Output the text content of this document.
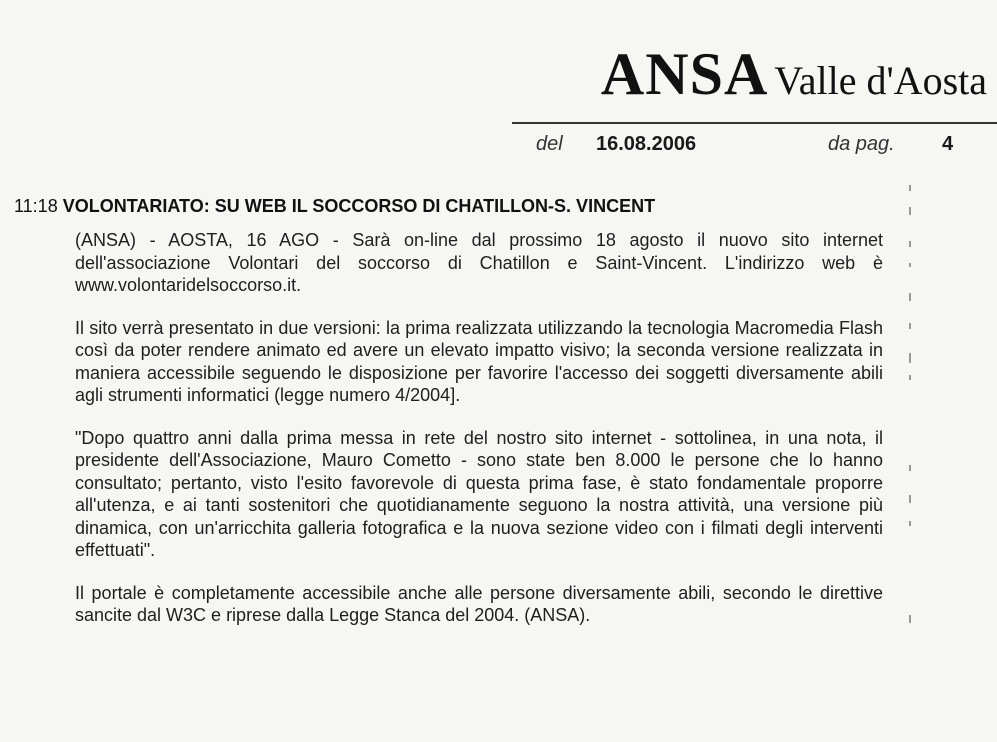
ANSA Valle d'Aosta
del 16.08.2006	da pag. 4
11:18 VOLONTARIATO: SU WEB IL SOCCORSO DI CHATILLON-S. VINCENT

(ANSA) - AOSTA, 16 AGO - Sarà on-line dal prossimo 18 agosto il nuovo sito internet dell'associazione Volontari del soccorso di Chatillon e Saint-Vincent. L'indirizzo web è www.volontaridelsoccorso.it.

Il sito verrà presentato in due versioni: la prima realizzata utilizzando la tecnologia Macromedia Flash così da poter rendere animato ed avere un elevato impatto visivo; la seconda versione realizzata in maniera accessibile seguendo le disposizione per favorire l'accesso dei soggetti diversamente abili agli strumenti informatici (legge numero 4/2004].

"Dopo quattro anni dalla prima messa in rete del nostro sito internet - sottolinea, in una nota, il presidente dell'Associazione, Mauro Cometto - sono state ben 8.000 le persone che lo hanno consultato; pertanto, visto l'esito favorevole di questa prima fase, è stato fondamentale proporre all'utenza, e ai tanti sostenitori che quotidianamente seguono la nostra attività, una versione più dinamica, con un'arricchita galleria fotografica e la nuova sezione video con i filmati degli interventi effettuati".

Il portale è completamente accessibile anche alle persone diversamente abili, secondo le direttive sancite dal W3C e riprese dalla Legge Stanca del 2004. (ANSA).
